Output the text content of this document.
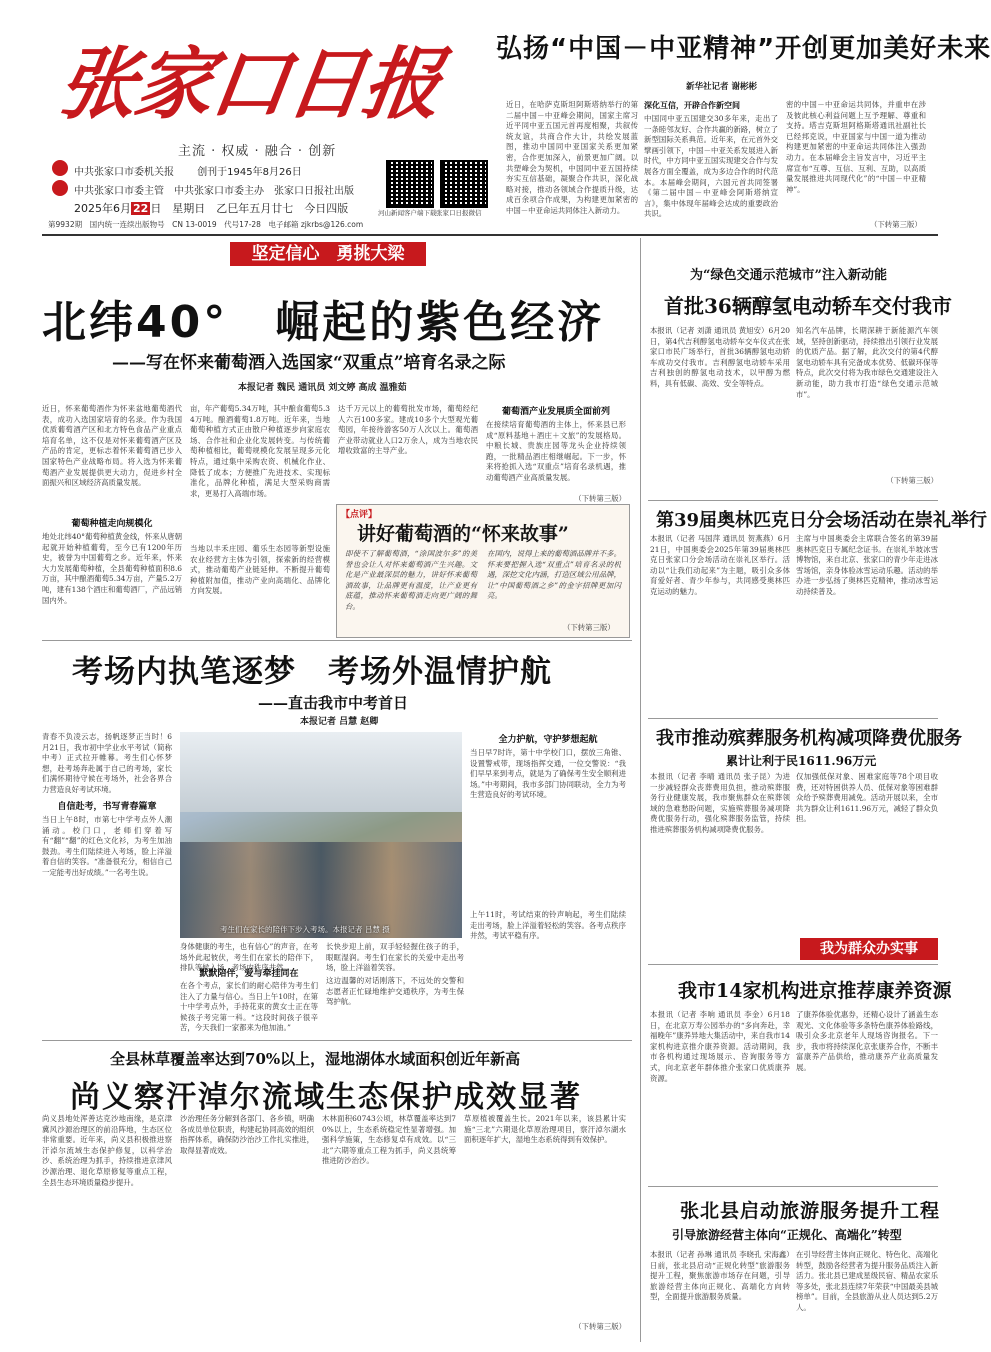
张家口日报
主流 · 权威 · 融合 · 创新
中共张家口市委机关报　　 创刊于1945年8月26日
中共张家口市委主管　中共张家口市委主办　张家口日报社出版
2025年6月 22 日　星期日　乙巳年五月廿七　今日四版
第9932期　国内统一连续出版物号　CN 13-0019　代号17-28　电子邮箱 zjkrbs@126.com
河山新闻客户端下载 张家口日报微信
弘扬“中国－中亚精神”开创更加美好未来
新华社记者 谢彬彬
近日，在哈萨克斯坦阿斯塔纳举行的第二届中国－中亚峰会期间，国家主席习近平同中亚五国元首再度相聚，共叙传统友谊，共商合作大计，共绘发展蓝图，推动中国同中亚国家关系更加紧密，合作更加深入，前景更加广阔。以共塑峰会为契机，中国同中亚五国持续夯实互信基础，凝聚合作共识，深化战略对接，推动各领域合作提质升级，达成百余项合作成果，为构建更加紧密的中国－中亚命运共同体注入新动力。
深化互信，开辟合作新空间
中国同中亚五国建交30多年来，走出了一条睦邻友好、合作共赢的新路，树立了新型国际关系典范。近年来，在元首外交擘画引领下，中国－中亚关系发展进入新时代，中方同中亚五国实现建交合作与发展各方面全覆盖，成为多边合作的时代范本。本届峰会期间，六国元首共同签署《第二届中国－中亚峰会阿斯塔纳宣言》，集中体现年届峰会达成的重要政治共识。
密的中国－中亚命运共同体，并重申在涉及彼此核心利益问题上互予理解、尊重和支持。塔吉克斯坦阿格斯塔通讯社副社长已经邦克说，中亚国家与中国一道为推动构建更加紧密的中亚命运共同体注入强劲动力。在本届峰会主旨发言中，习近平主席宣布“互尊、互信、互利、互助，以高质量发展推进共同现代化”的“中国－中亚精神”。
（下转第三版）
坚定信心　勇挑大梁
北纬40°　崛起的紫色经济
——写在怀来葡萄酒入选国家“双重点”培育名录之际
本报记者 魏民 通讯员 刘文婷 高成 温雅茹
近日，怀来葡萄酒作为怀来盆地葡萄酒代表，成功入选国家培育的名录。作为我国优质葡萄酒产区和北方特色食品产业重点培育名单，这不仅是对怀来葡萄酒产区及产品的肯定，更标志着怀来葡萄酒已步入国家特色产业战略布局。将入选为怀来葡萄酒产业发展提供更大动力，促进乡村全面振兴和区域经济高质量发展。
葡萄种植走向规模化
地处北纬40°葡萄种植黄金线，怀来从唐朝起就开始种植葡萄，至今已有1200年历史，被誉为中国葡萄之乡。近年来，怀来大力发展葡萄种植，全县葡萄种植面积8.6万亩，其中酿酒葡萄5.34万亩，产量5.2万吨，建有138个酒庄和葡萄酒厂，产品远销国内外。
亩，年产葡萄5.34万吨，其中酿食葡萄5.34万吨。酿酒葡萄1.8万吨。近年来，当地葡萄种植方式正由散户种植逐步向家庭农场、合作社和企业化发展转变。与传统葡萄种植相比，葡萄规模化发展呈现多元化特点，通过集中采购农资、机械化作业、降低了成本；方便推广先进技术、实现标准化，品牌化种植，满足大型采购商需求，更易打入高端市场。
当地以丰禾庄园、葡乐生态园等新型设施农业经营方主体为引领，探索新的经营模式，推动葡萄产业链延伸。不断提升葡萄种植附加值，推动产业向高端化、品牌化方向发展。
达千万元以上的葡萄批发市场，葡萄经纪人六百100多家。建成10多个大型观光葡萄园，年接待游客50万人次以上。葡萄酒产业带动就业人口2万余人，成为当地农民增收致富的主导产业。
葡萄酒产业发展质全面前列
在接续培育葡萄酒的主体上，怀来县已形成“原料基地＋酒庄＋文旅”的发展格局。中粮长城、贵族庄园等龙头企业持续领跑，一批精品酒庄相继崛起。下一步，怀来将抢抓入选“双重点”培育名录机遇，推动葡萄酒产业高质量发展。
（下转第三版）
【点评】
讲好葡萄酒的“怀来故事”
即使不了解葡萄酒，“涂国波尔多”的美誉也会让人对怀来葡萄酒产生兴趣。文化是产业最深层的魅力，讲好怀来葡萄酒故事，让品牌更有温度，让产业更有底蕴，推动怀来葡萄酒走向更广阔的舞台。
在国内，说得上来的葡萄酒品牌并不多。怀来要把握入选“双重点”培育名录的机遇，深挖文化内涵，打造区域公用品牌，让“中国葡萄酒之乡”的金字招牌更加闪亮。
（下转第三版）
考场内执笔逐梦　考场外温情护航
——直击我市中考首日
本报记者 吕慧 赵卿
青春不负凌云志，扬帆逐梦正当时！6月21日，我市初中学业水平考试（简称中考）正式拉开帷幕。考生们心怀梦想，赴考场奔赴属于自己的考场，家长们满怀期待守候在考场外，社会各界合力营造良好考试环境。
自信赴考，书写青春篇章
当日上午8时，市第七中学考点外人潮涌动。校门口，老师们穿着写有“翻”“翻”的红色文化衫，为考生加油鼓劲。考生们陆续进入考场，脸上洋溢着自信的笑容。“准备很充分，相信自己一定能考出好成绩。”一名考生说。
考生们在家长的陪伴下步入考场。本报记者 吕慧 摄
身体健康的考生，也有信心”的声音，在考场外此起彼伏，考生们在家长的陪伴下，排队等候入场，考场内秩序井然。
默默陪伴，爱与牵挂同在
在各个考点，家长们的耐心陪伴为考生们注入了力量与信心。当日上午10时，在第十中学考点外，手持花束的黄女士正在等候孩子考完第一科。“这段时间孩子很辛苦，今天我们一家都来为他加油。”
长快步迎上前，双手轻轻握住孩子的手，眼眶湿润。考生们在家长的关爱中走出考场，脸上洋溢着笑容。
这边温馨的对话刚落下，不远处的交警和志愿者正忙碌地维护交通秩序，为考生保驾护航。
全力护航，守护梦想起航
当日早7时许，第十中学校门口，摆放三角锥、设置警戒带，现场指挥交通，一位交警说：“我们早早来到考点，就是为了确保考生安全顺利进场。”中考期间，我市多部门协同联动，全力为考生营造良好的考试环境。
上午11时，考试结束的铃声响起，考生们陆续走出考场，脸上洋溢着轻松的笑容。各考点秩序井然，考试平稳有序。
全县林草覆盖率达到70%以上，湿地湖体水域面积创近年新高
尚义察汗淖尔流域生态保护成效显著
尚义县地处浑善达克沙地南缘，是京津冀风沙源治理区的前沿阵地，生态区位非常重要。近年来，尚义县积极推进察汗淖尔流域生态保护修复，以科学治沙、系统治理为抓手，持续推进京津风沙源治理、退化草原修复等重点工程，全县生态环境质量稳步提升。
沙治理任务分解到各部门、各乡镇，明确各成员单位职责，构建起协同高效的组织指挥体系，确保防沙治沙工作扎实推进，取得显著成效。
木林面积60743公顷，林草覆盖率达到70%以上，生态系统稳定性显著增强。加强科学施策，生态修复卓有成效。以“三北”六期等重点工程为抓手，尚义县统筹推进防沙治沙。
草原植被覆盖生长。2021年以来，该县累计实施“三北”六期退化草原治理项目，察汗淖尔湖水面积逐年扩大，湿地生态系统得到有效保护。
（下转第三版）
为“绿色交通示范城市”注入新动能
首批36辆醇氢电动轿车交付我市
本报讯（记者 刘潇 通讯员 黄旭安）6月20日，第4代吉利醇氢电动轿车交车仪式在张家口市民广场举行，首批36辆醇氢电动轿车成功交付我市。吉利醇氢电动轿车采用吉利独创的醇氢电动技术，以甲醇为燃料，具有低碳、高效、安全等特点。
知名汽车品牌，长期深耕于新能源汽车领域，坚持创新驱动，持续推出引领行业发展的优质产品。据了解，此次交付的第4代醇氢电动轿车具有完备成本优势、低碳环保等特点，此次交付将为我市绿色交通建设注入新动能，助力我市打造“绿色交通示范城市”。
（下转第三版）
第39届奥林匹克日分会场活动在崇礼举行
本报讯（记者 马国萍 通讯员 贺燕燕）6月21日，中国奥委会2025年第39届奥林匹克日张家口分会场活动在崇礼区举行。活动以“让我们动起来”为主题，吸引众多体育爱好者、青少年参与，共同感受奥林匹克运动的魅力。
主席与中国奥委会主席联合签名的第39届奥林匹克日专属纪念证书。在崇礼半坡冰雪博物馆，来自北京、张家口的青少年走进冰雪场馆，亲身体验冰雪运动乐趣。活动的举办进一步弘扬了奥林匹克精神，推动冰雪运动持续普及。
我市推动殡葬服务机构减项降费优服务
累计让利于民1611.96万元
本报讯（记者 李晴 通讯员 张子昆）为进一步减轻群众丧葬费用负担，推动殡葬服务行业健康发展，我市聚焦群众在殡葬领域的急难愁盼问题，实施殡葬服务减项降费优服务行动，强化殡葬服务监管，持续推进殡葬服务机构减项降费优服务。
仅加强低保对象、困难家庭等78个项目收费，还对特困供养人员、低保对象等困难群众给予殡葬费用减免。活动开展以来，全市共为群众让利1611.96万元，减轻了群众负担。
我为群众办实事
我市14家机构进京推荐康养资源
本报讯（记者 李响 通讯员 李金）6月18日，在北京万寿公园举办的“多向奔赴，幸福晚年”康养异地大集活动中，来自我市14家机构进京推介康养资源。活动期间，我市各机构通过现场展示、咨询服务等方式，向北京老年群体推介张家口优质康养资源。
了康养体验优惠券，还精心设计了涵盖生态观光、文化体验等多条特色康养体验路线，吸引众多北京老年人现场咨询报名。下一步，我市将持续深化京张康养合作，不断丰富康养产品供给，推动康养产业高质量发展。
张北县启动旅游服务提升工程
引导旅游经营主体向“正规化、高端化”转型
本报讯（记者 孙琳 通讯员 李晓孔 宋海鑫）日前，张北县启动“正规化转型”旅游服务提升工程，聚焦旅游市场存在问题，引导旅游经营主体向正规化、高端化方向转型，全面提升旅游服务质量。
在引导经营主体向正规化、特色化、高端化转型，鼓励各经营者为提升服务品质注入新活力。张北县已建成星级民宿、精品农家乐等多处，张北县连续7年荣获“中国最美县城榜单”。目前，全县旅游从业人员达到5.2万人。
